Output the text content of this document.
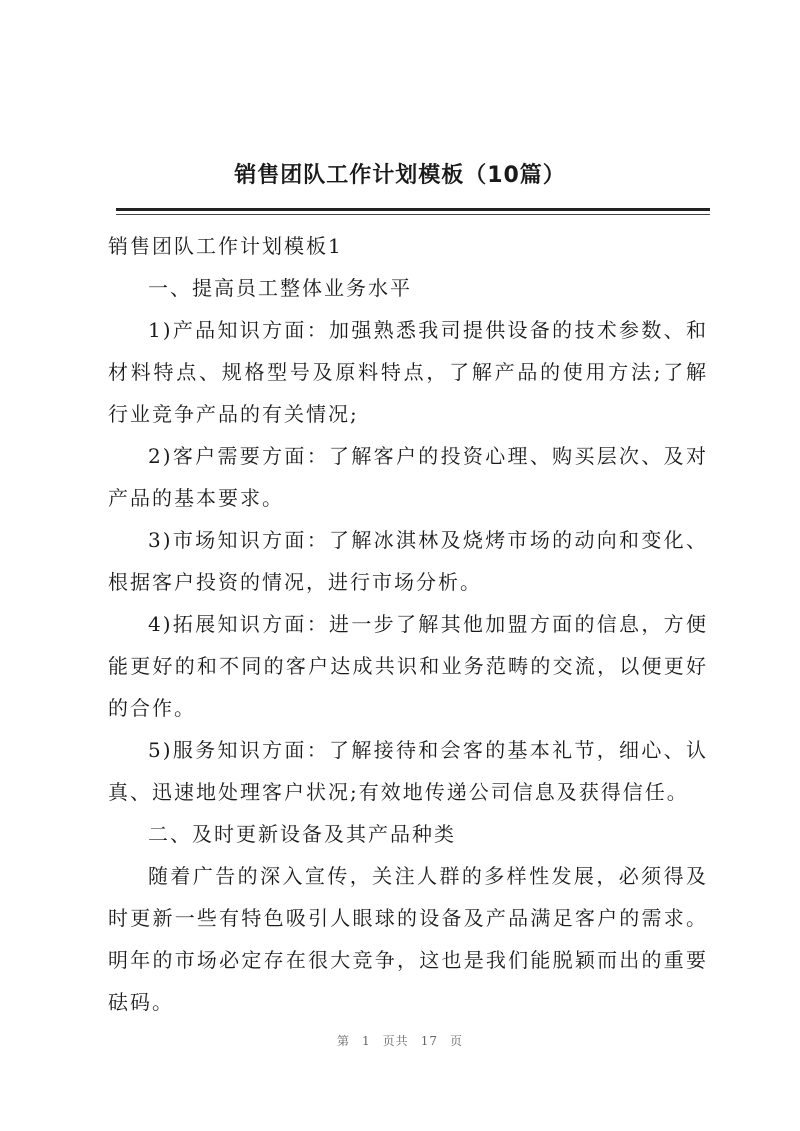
销售团队工作计划模板（10篇）

销售团队工作计划模板1

一、提高员工整体业务水平

1)产品知识方面：加强熟悉我司提供设备的技术参数、和材料特点、规格型号及原料特点，了解产品的使用方法;了解行业竞争产品的有关情况;

2)客户需要方面：了解客户的投资心理、购买层次、及对产品的基本要求。

3)市场知识方面：了解冰淇林及烧烤市场的动向和变化、根据客户投资的情况，进行市场分析。

4)拓展知识方面：进一步了解其他加盟方面的信息，方便能更好的和不同的客户达成共识和业务范畴的交流，以便更好的合作。

5)服务知识方面：了解接待和会客的基本礼节，细心、认真、迅速地处理客户状况;有效地传递公司信息及获得信任。

二、及时更新设备及其产品种类

随着广告的深入宣传，关注人群的多样性发展，必须得及时更新一些有特色吸引人眼球的设备及产品满足客户的需求。明年的市场必定存在很大竞争，这也是我们能脱颖而出的重要砝码。

第 1 页共 17 页
